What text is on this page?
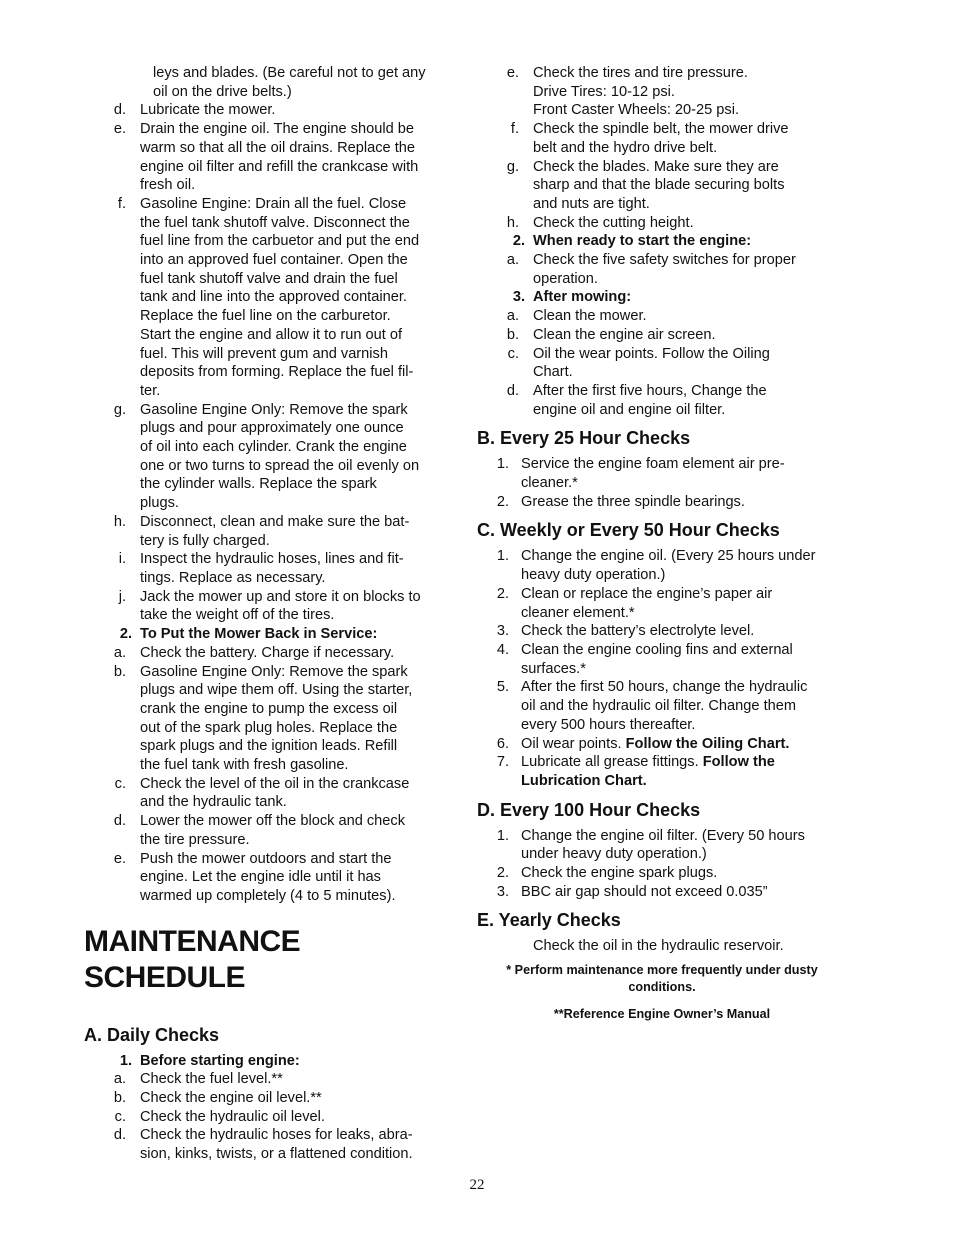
leys and blades. (Be careful not to get any
oil on the drive belts.)
d. Lubricate the mower.
e. Drain the engine oil. The engine should be
warm so that all the oil drains. Replace the
engine oil filter and refill the crankcase with
fresh oil.
f. Gasoline Engine: Drain all the fuel. Close
the fuel tank shutoff valve. Disconnect the
fuel line from the carbuetor and put the end
into an approved fuel container. Open the
fuel tank shutoff valve and drain the fuel
tank and line into the approved container.
Replace the fuel line on the carburetor.
Start the engine and allow it to run out of
fuel. This will prevent gum and varnish
deposits from forming. Replace the fuel fil-
ter.
g. Gasoline Engine Only: Remove the spark
plugs and pour approximately one ounce
of oil into each cylinder. Crank the engine
one or two turns to spread the oil evenly on
the cylinder walls. Replace the spark
plugs.
h. Disconnect, clean and make sure the bat-
tery is fully charged.
i. Inspect the hydraulic hoses, lines and fit-
tings. Replace as necessary.
j. Jack the mower up and store it on blocks to
take the weight off of the tires.
2. To Put the Mower Back in Service:
a. Check the battery. Charge if necessary.
b. Gasoline Engine Only: Remove the spark
plugs and wipe them off. Using the starter,
crank the engine to pump the excess oil
out of the spark plug holes. Replace the
spark plugs and the ignition leads. Refill
the fuel tank with fresh gasoline.
c. Check the level of the oil in the crankcase
and the hydraulic tank.
d. Lower the mower off the block and check
the tire pressure.
e. Push the mower outdoors and start the
engine. Let the engine idle until it has
warmed up completely (4 to 5 minutes).
MAINTENANCE SCHEDULE
A. Daily Checks
1. Before starting engine:
a. Check the fuel level.**
b. Check the engine oil level.**
c. Check the hydraulic oil level.
d. Check the hydraulic hoses for leaks, abra-
sion, kinks, twists, or a flattened condition.
e. Check the tires and tire pressure.
Drive Tires: 10-12 psi.
Front Caster Wheels: 20-25 psi.
f. Check the spindle belt, the mower drive
belt and the hydro drive belt.
g. Check the blades. Make sure they are
sharp and that the blade securing bolts
and nuts are tight.
h. Check the cutting height.
2. When ready to start the engine:
a. Check the five safety switches for proper
operation.
3. After mowing:
a. Clean the mower.
b. Clean the engine air screen.
c. Oil the wear points. Follow the Oiling
Chart.
d. After the first five hours, Change the
engine oil and engine oil filter.
B. Every 25 Hour Checks
1. Service the engine foam element air pre-
cleaner.*
2. Grease the three spindle bearings.
C. Weekly or Every 50 Hour Checks
1. Change the engine oil. (Every 25 hours under
heavy duty operation.)
2. Clean or replace the engine’s paper air
cleaner element.*
3. Check the battery’s electrolyte level.
4. Clean the engine cooling fins and external
surfaces.*
5. After the first 50 hours, change the hydraulic
oil and the hydraulic oil filter. Change them
every 500 hours thereafter.
6. Oil wear points. Follow the Oiling Chart.
7. Lubricate all grease fittings. Follow the
Lubrication Chart.
D. Every 100 Hour Checks
1. Change the engine oil filter. (Every 50 hours
under heavy duty operation.)
2. Check the engine spark plugs.
3. BBC air gap should not exceed 0.035”
E. Yearly Checks
Check the oil in the hydraulic reservoir.
* Perform maintenance more frequently under dusty
conditions.
**Reference Engine Owner’s Manual
22
